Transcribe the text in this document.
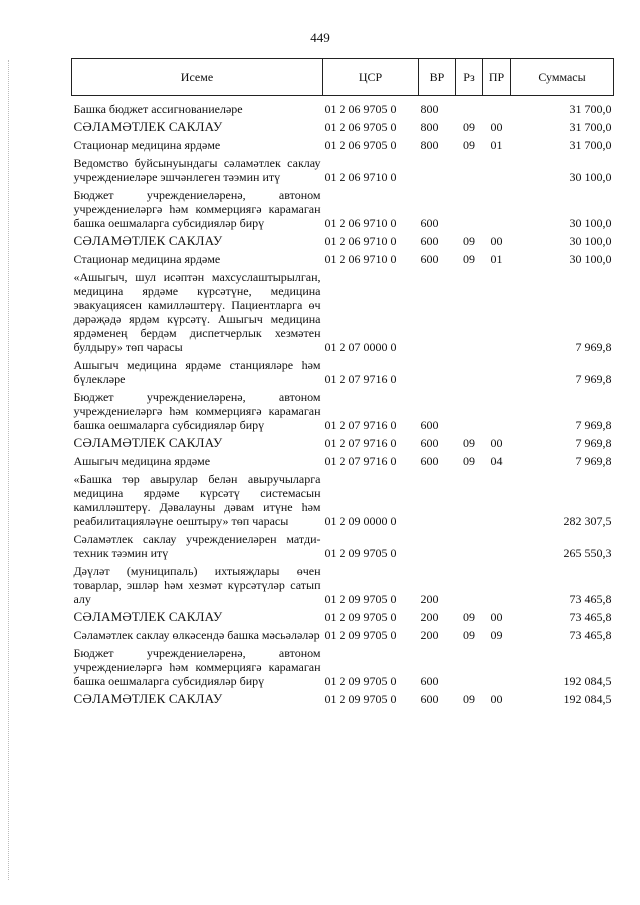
449
Исеме	ЦСР	ВР	Рз	ПР	Суммасы

Башка бюджет ассигнованиеләре	01 2 06 9705 0	800			31 700,0
СӘЛАМӘТЛЕК САКЛАУ	01 2 06 9705 0	800	09	00	31 700,0
Стационар медицина ярдәме	01 2 06 9705 0	800	09	01	31 700,0
Ведомство буйсынуындагы сәламәтлек саклау учреждениеләре эшчәнлеген тәэмин итү	01 2 06 9710 0				30 100,0
Бюджет учреждениеләренә, автоном учреждениеләргә һәм коммерциягә карамаган башка оешмаларга субсидияләр бирү	01 2 06 9710 0	600			30 100,0
СӘЛАМӘТЛЕК САКЛАУ	01 2 06 9710 0	600	09	00	30 100,0
Стационар медицина ярдәме	01 2 06 9710 0	600	09	01	30 100,0
«Ашыгыч, шул исәптән махсуслаштырылган, медицина ярдәме күрсәтүне, медицина эвакуациясен камилләштерү. Пациентларга өч дәрәҗәдә ярдәм күрсәтү. Ашыгыч медицина ярдәменең бердәм диспетчерлык хезмәтен булдыру» төп чарасы	01 2 07 0000 0				7 969,8
Ашыгыч медицина ярдәме станцияләре һәм бүлекләре	01 2 07 9716 0				7 969,8
Бюджет учреждениеләренә, автоном учреждениеләргә һәм коммерциягә карамаган башка оешмаларга субсидияләр бирү	01 2 07 9716 0	600			7 969,8
СӘЛАМӘТЛЕК САКЛАУ	01 2 07 9716 0	600	09	00	7 969,8
Ашыгыч медицина ярдәме	01 2 07 9716 0	600	09	04	7 969,8
«Башка төр авырулар белән авыручыларга медицина ярдәме күрсәтү системасын камилләштерү. Дәвалауны дәвам итүне һәм реабилитацияләүне оештыру» төп чарасы	01 2 09 0000 0				282 307,5
Сәламәтлек саклау учреждениеләрен матди-техник тәэмин итү	01 2 09 9705 0				265 550,3
Дәүләт (муниципаль) ихтыяҗлары өчен товарлар, эшләр һәм хезмәт күрсәтүләр сатып алу	01 2 09 9705 0	200			73 465,8
СӘЛАМӘТЛЕК САКЛАУ	01 2 09 9705 0	200	09	00	73 465,8
Сәламәтлек саклау өлкәсендә башка мәсьәләләр	01 2 09 9705 0	200	09	09	73 465,8
Бюджет учреждениеләренә, автоном учреждениеләргә һәм коммерциягә карамаган башка оешмаларга субсидияләр бирү	01 2 09 9705 0	600			192 084,5
СӘЛАМӘТЛЕК САКЛАУ	01 2 09 9705 0	600	09	00	192 084,5
